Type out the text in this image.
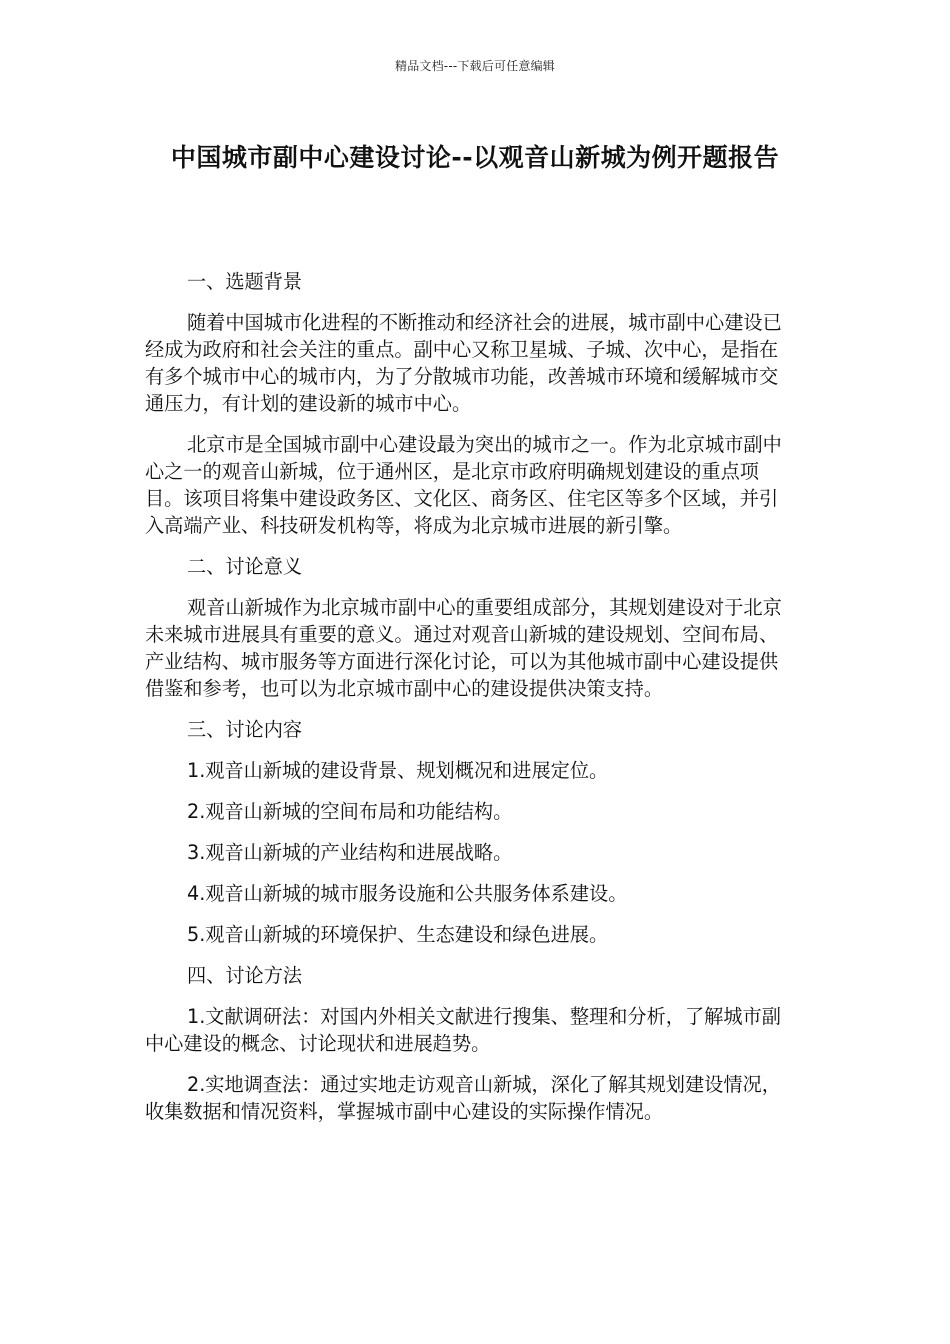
精品文档---下载后可任意编辑
中国城市副中心建设讨论--以观音山新城为例开题报告

一、选题背景

随着中国城市化进程的不断推动和经济社会的进展，城市副中心建设已经成为政府和社会关注的重点。副中心又称卫星城、子城、次中心，是指在有多个城市中心的城市内，为了分散城市功能，改善城市环境和缓解城市交通压力，有计划的建设新的城市中心。

北京市是全国城市副中心建设最为突出的城市之一。作为北京城市副中心之一的观音山新城，位于通州区，是北京市政府明确规划建设的重点项目。该项目将集中建设政务区、文化区、商务区、住宅区等多个区域，并引入高端产业、科技研发机构等，将成为北京城市进展的新引擎。

二、讨论意义

观音山新城作为北京城市副中心的重要组成部分，其规划建设对于北京未来城市进展具有重要的意义。通过对观音山新城的建设规划、空间布局、产业结构、城市服务等方面进行深化讨论，可以为其他城市副中心建设提供借鉴和参考，也可以为北京城市副中心的建设提供决策支持。

三、讨论内容

1.观音山新城的建设背景、规划概况和进展定位。

2.观音山新城的空间布局和功能结构。

3.观音山新城的产业结构和进展战略。

4.观音山新城的城市服务设施和公共服务体系建设。

5.观音山新城的环境保护、生态建设和绿色进展。

四、讨论方法

1.文献调研法：对国内外相关文献进行搜集、整理和分析，了解城市副中心建设的概念、讨论现状和进展趋势。

2.实地调查法：通过实地走访观音山新城，深化了解其规划建设情况，收集数据和情况资料，掌握城市副中心建设的实际操作情况。
